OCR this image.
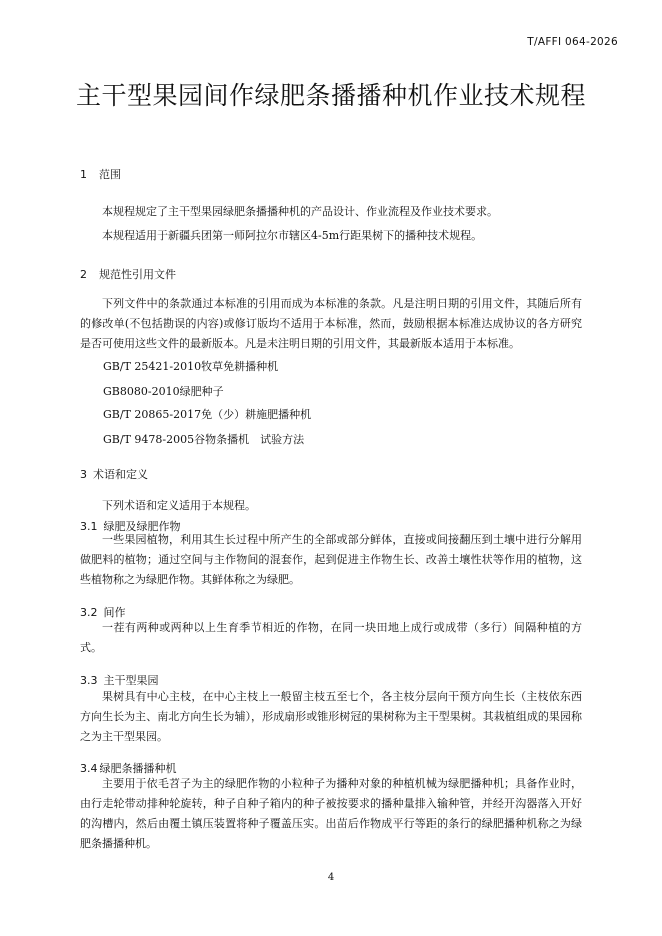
T/AFFI 064-2026
主干型果园间作绿肥条播播种机作业技术规程
1 范围

本规程规定了主干型果园绿肥条播播种机的产品设计、作业流程及作业技术要求。

本规程适用于新疆兵团第一师阿拉尔市辖区4-5m行距果树下的播种技术规程。

2 规范性引用文件

下列文件中的条款通过本标准的引用而成为本标准的条款。凡是注明日期的引用文件，其随后所有的修改单(不包括勘误的内容)或修订版均不适用于本标准，然而，鼓励根据本标准达成协议的各方研究是否可使用这些文件的最新版本。凡是未注明日期的引用文件，其最新版本适用于本标准。

GB/T 25421-2010牧草免耕播种机

GB8080-2010绿肥种子

GB/T 20865-2017免（少）耕施肥播种机

GB/T 9478-2005谷物条播机　试验方法

3 术语和定义

下列术语和定义适用于本规程。

3.1 绿肥及绿肥作物

一些果园植物，利用其生长过程中所产生的全部或部分鲜体，直接或间接翻压到土壤中进行分解用做肥料的植物；通过空间与主作物间的混套作，起到促进主作物生长、改善土壤性状等作用的植物，这些植物称之为绿肥作物。其鲜体称之为绿肥。

3.2 间作

一茬有两种或两种以上生育季节相近的作物，在同一块田地上成行或成带（多行）间隔种植的方式。

3.3 主干型果园

果树具有中心主枝，在中心主枝上一般留主枝五至七个，各主枝分层向干预方向生长（主枝依东西方向生长为主、南北方向生长为辅），形成扇形或锥形树冠的果树称为主干型果树。其栽植组成的果园称之为主干型果园。

3.4 绿肥条播播种机

主要用于依毛苕子为主的绿肥作物的小粒种子为播种对象的种植机械为绿肥播种机；具备作业时，由行走轮带动排种轮旋转，种子自种子箱内的种子被按要求的播种量排入输种管，并经开沟器落入开好的沟槽内，然后由覆土镇压装置将种子覆盖压实。出苗后作物成平行等距的条行的绿肥播种机称之为绿肥条播播种机。

4
